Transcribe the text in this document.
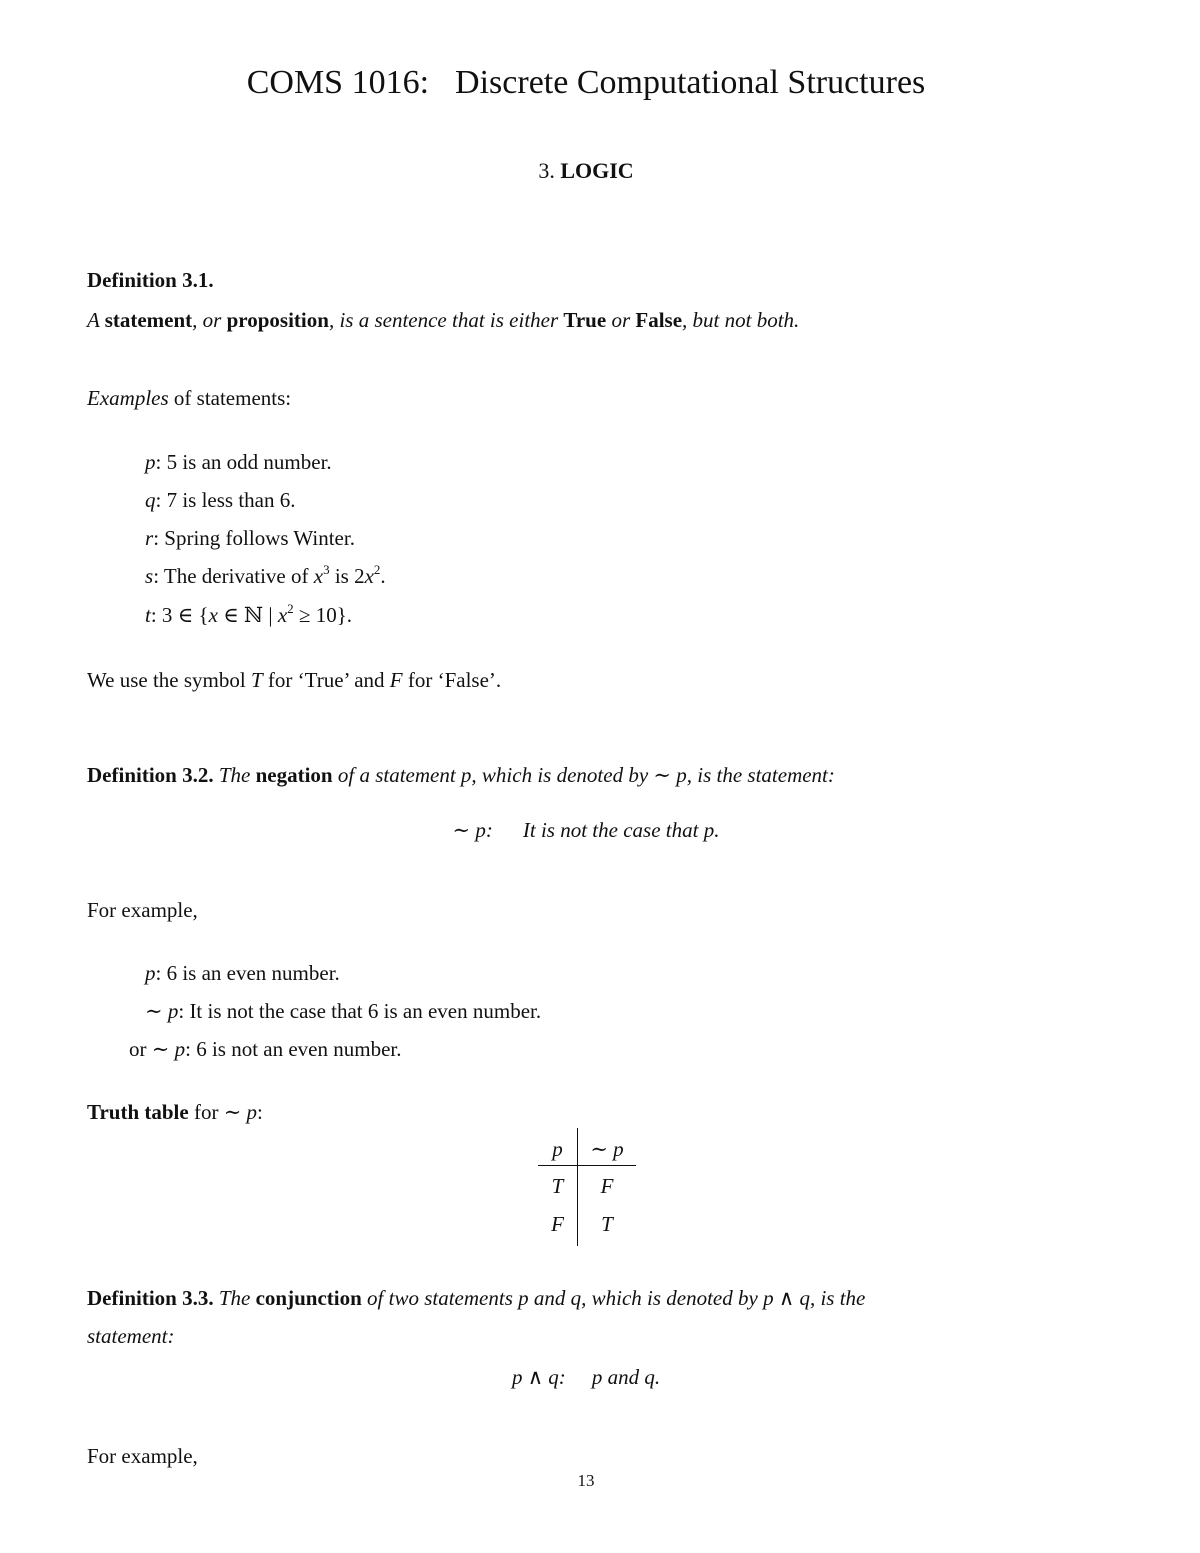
COMS 1016: Discrete Computational Structures
3. LOGIC
Definition 3.1.
A statement, or proposition, is a sentence that is either True or False, but not both.
Examples of statements:
p: 5 is an odd number.
q: 7 is less than 6.
r: Spring follows Winter.
s: The derivative of $x^3$ is $2x^2$.
t: 3 ∈ {x ∈ ℕ | $x^2 \ge 10$}.
We use the symbol T for ‘True’ and F for ‘False’.
Definition 3.2. The negation of a statement p, which is denoted by ∼ p, is the statement:
∼ p: It is not the case that p.
For example,
p: 6 is an even number.
∼ p: It is not the case that 6 is an even number.
or ∼ p: 6 is not an even number.
Truth table for ∼ p:
p	∼ p
T	F
F	T
Definition 3.3. The conjunction of two statements p and q, which is denoted by p ∧ q, is the
statement:
p ∧ q: p and q.
For example,
13
